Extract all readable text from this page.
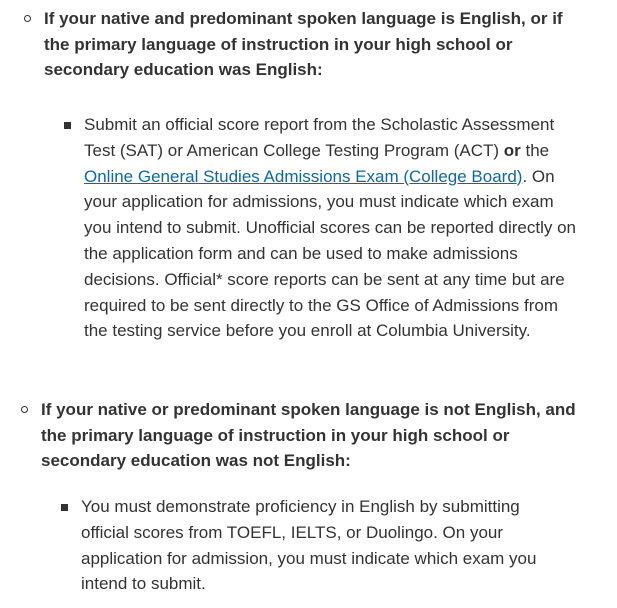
If your native and predominant spoken language is English, or if the primary language of instruction in your high school or secondary education was English:
Submit an official score report from the Scholastic Assessment Test (SAT) or American College Testing Program (ACT) or the Online General Studies Admissions Exam (College Board). On your application for admissions, you must indicate which exam you intend to submit. Unofficial scores can be reported directly on the application form and can be used to make admissions decisions. Official* score reports can be sent at any time but are required to be sent directly to the GS Office of Admissions from the testing service before you enroll at Columbia University.
If your native or predominant spoken language is not English, and the primary language of instruction in your high school or secondary education was not English:
You must demonstrate proficiency in English by submitting official scores from TOEFL, IELTS, or Duolingo. On your application for admission, you must indicate which exam you intend to submit.
